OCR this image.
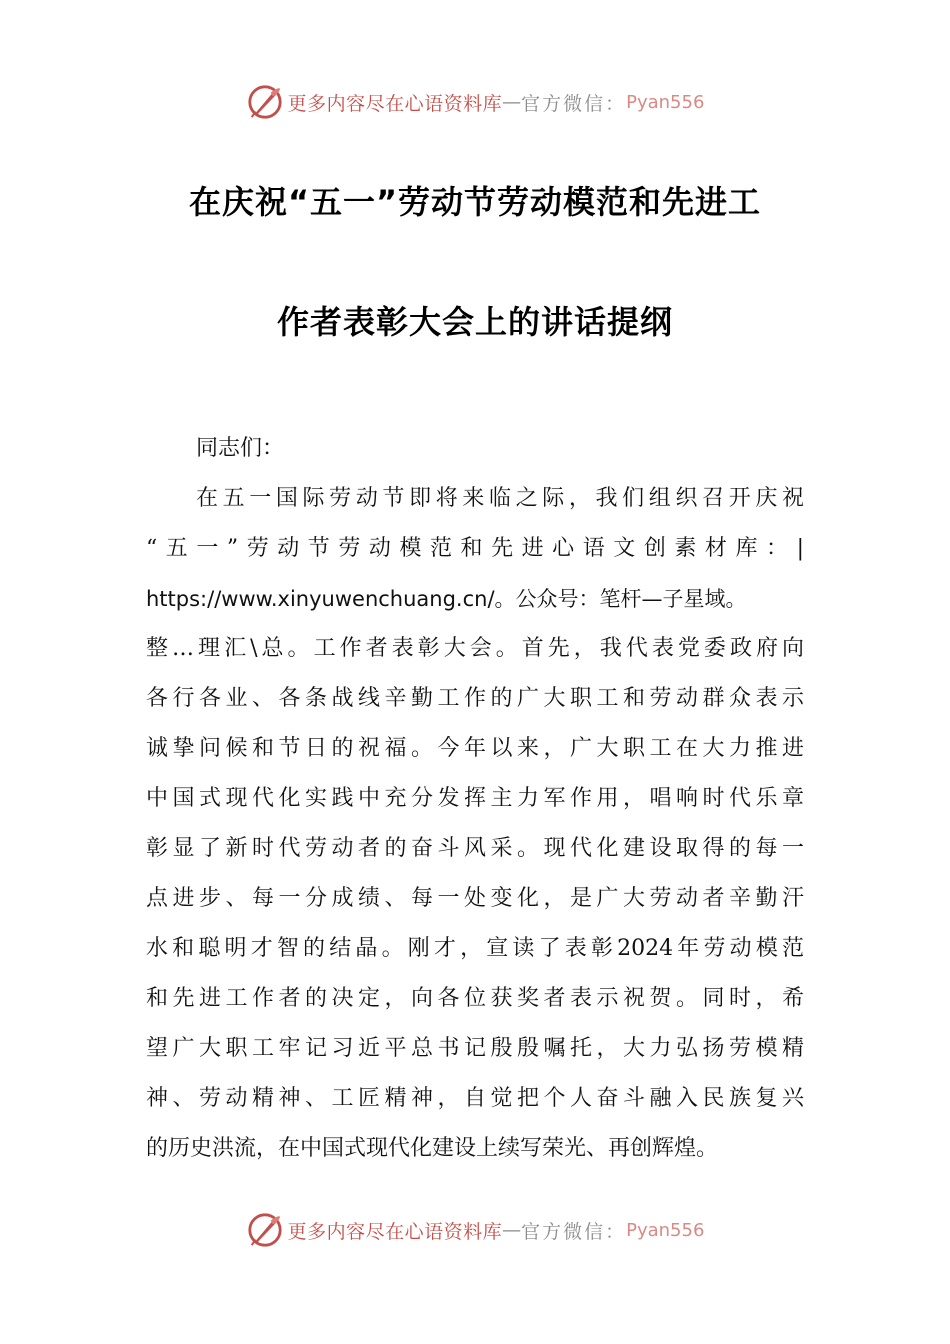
更多内容尽在心语资料库 — 官方微信： Pyan556
在庆祝“五一”劳动节劳动模范和先进工
作者表彰大会上的讲话提纲
同志们：
在五一国际劳动节即将来临之际，我们组织召开庆祝
“五一”劳动节劳动模范和先进心语文创素材库：|
https://www.xinyuwenchuang.cn/。公众号：笔杆—子星域。
整…理汇\总。工作者表彰大会。首先，我代表党委政府向
各行各业、各条战线辛勤工作的广大职工和劳动群众表示
诚挚问候和节日的祝福。今年以来，广大职工在大力推进
中国式现代化实践中充分发挥主力军作用，唱响时代乐章
彰显了新时代劳动者的奋斗风采。现代化建设取得的每一
点进步、每一分成绩、每一处变化，是广大劳动者辛勤汗
水和聪明才智的结晶。刚才，宣读了表彰2024年劳动模范
和先进工作者的决定，向各位获奖者表示祝贺。同时，希
望广大职工牢记习近平总书记殷殷嘱托，大力弘扬劳模精
神、劳动精神、工匠精神，自觉把个人奋斗融入民族复兴
的历史洪流，在中国式现代化建设上续写荣光、再创辉煌。
更多内容尽在心语资料库 — 官方微信： Pyan556
